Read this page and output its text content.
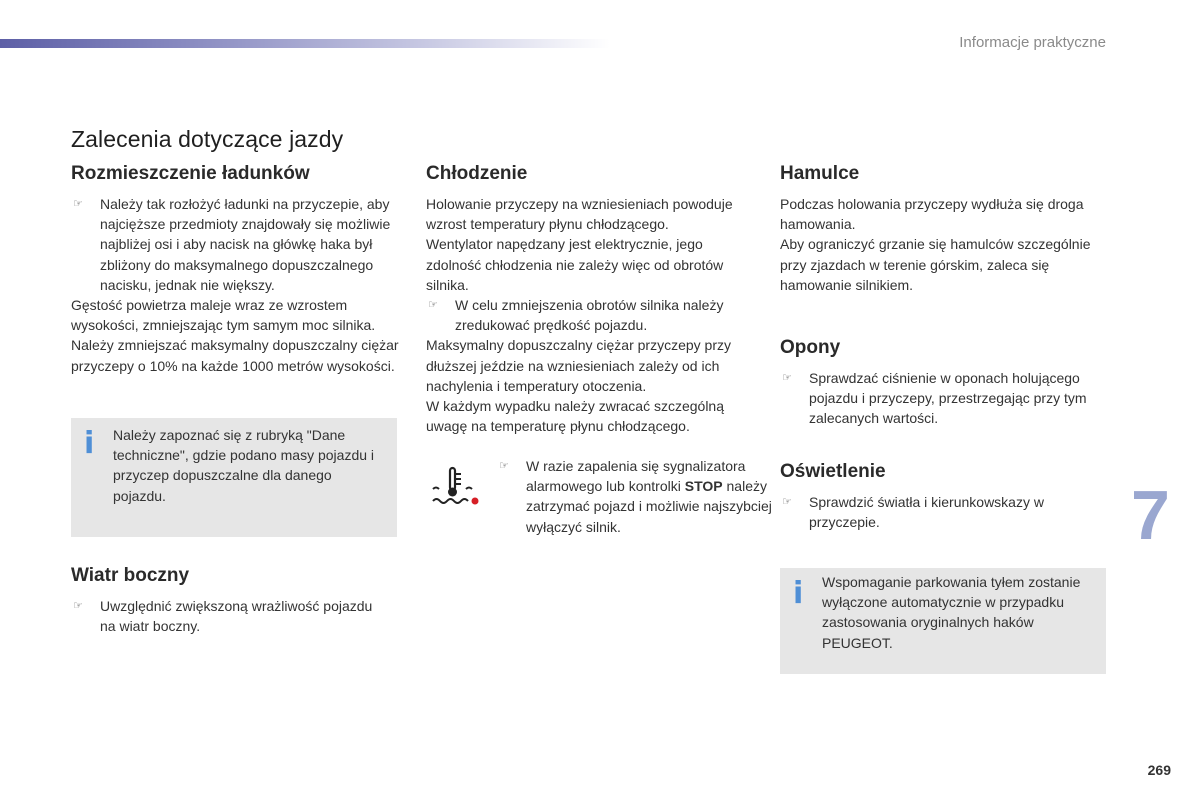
Informacje praktyczne
Zalecenia dotyczące jazdy
Rozmieszczenie ładunków
☞ Należy tak rozłożyć ładunki na przyczepie, aby najcięższe przedmioty znajdowały się możliwie najbliżej osi i aby nacisk na główkę haka był zbliżony do maksymalnego dopuszczalnego nacisku, jednak nie większy.

Gęstość powietrza maleje wraz ze wzrostem wysokości, zmniejszając tym samym moc silnika. Należy zmniejszać maksymalny dopuszczalny ciężar przyczepy o 10% na każde 1000 metrów wysokości.

i Należy zapoznać się z rubryką "Dane techniczne", gdzie podano masy pojazdu i przyczep dopuszczalne dla danego pojazdu.
Wiatr boczny
☞ Uwzględnić zwiększoną wrażliwość pojazdu na wiatr boczny.
Chłodzenie

Holowanie przyczepy na wzniesieniach powoduje wzrost temperatury płynu chłodzącego.

Wentylator napędzany jest elektrycznie, jego zdolność chłodzenia nie zależy więc od obrotów silnika.

☞ W celu zmniejszenia obrotów silnika należy zredukować prędkość pojazdu.

Maksymalny dopuszczalny ciężar przyczepy przy dłuższej jeździe na wzniesieniach zależy od ich nachylenia i temperatury otoczenia.

W każdym wypadku należy zwracać szczególną uwagę na temperaturę płynu chłodzącego.

☞ W razie zapalenia się sygnalizatora alarmowego lub kontrolki STOP należy zatrzymać pojazd i możliwie najszybciej wyłączyć silnik.
Hamulce

Podczas holowania przyczepy wydłuża się droga hamowania.

Aby ograniczyć grzanie się hamulców szczególnie przy zjazdach w terenie górskim, zaleca się hamowanie silnikiem.

Opony
☞ Sprawdzać ciśnienie w oponach holującego pojazdu i przyczepy, przestrzegając przy tym zalecanych wartości.
Oświetlenie
☞ Sprawdzić światła i kierunkowskazy w przyczepie.
i Wspomaganie parkowania tyłem zostanie wyłączone automatycznie w przypadku zastosowania oryginalnych haków PEUGEOT.
7
269
